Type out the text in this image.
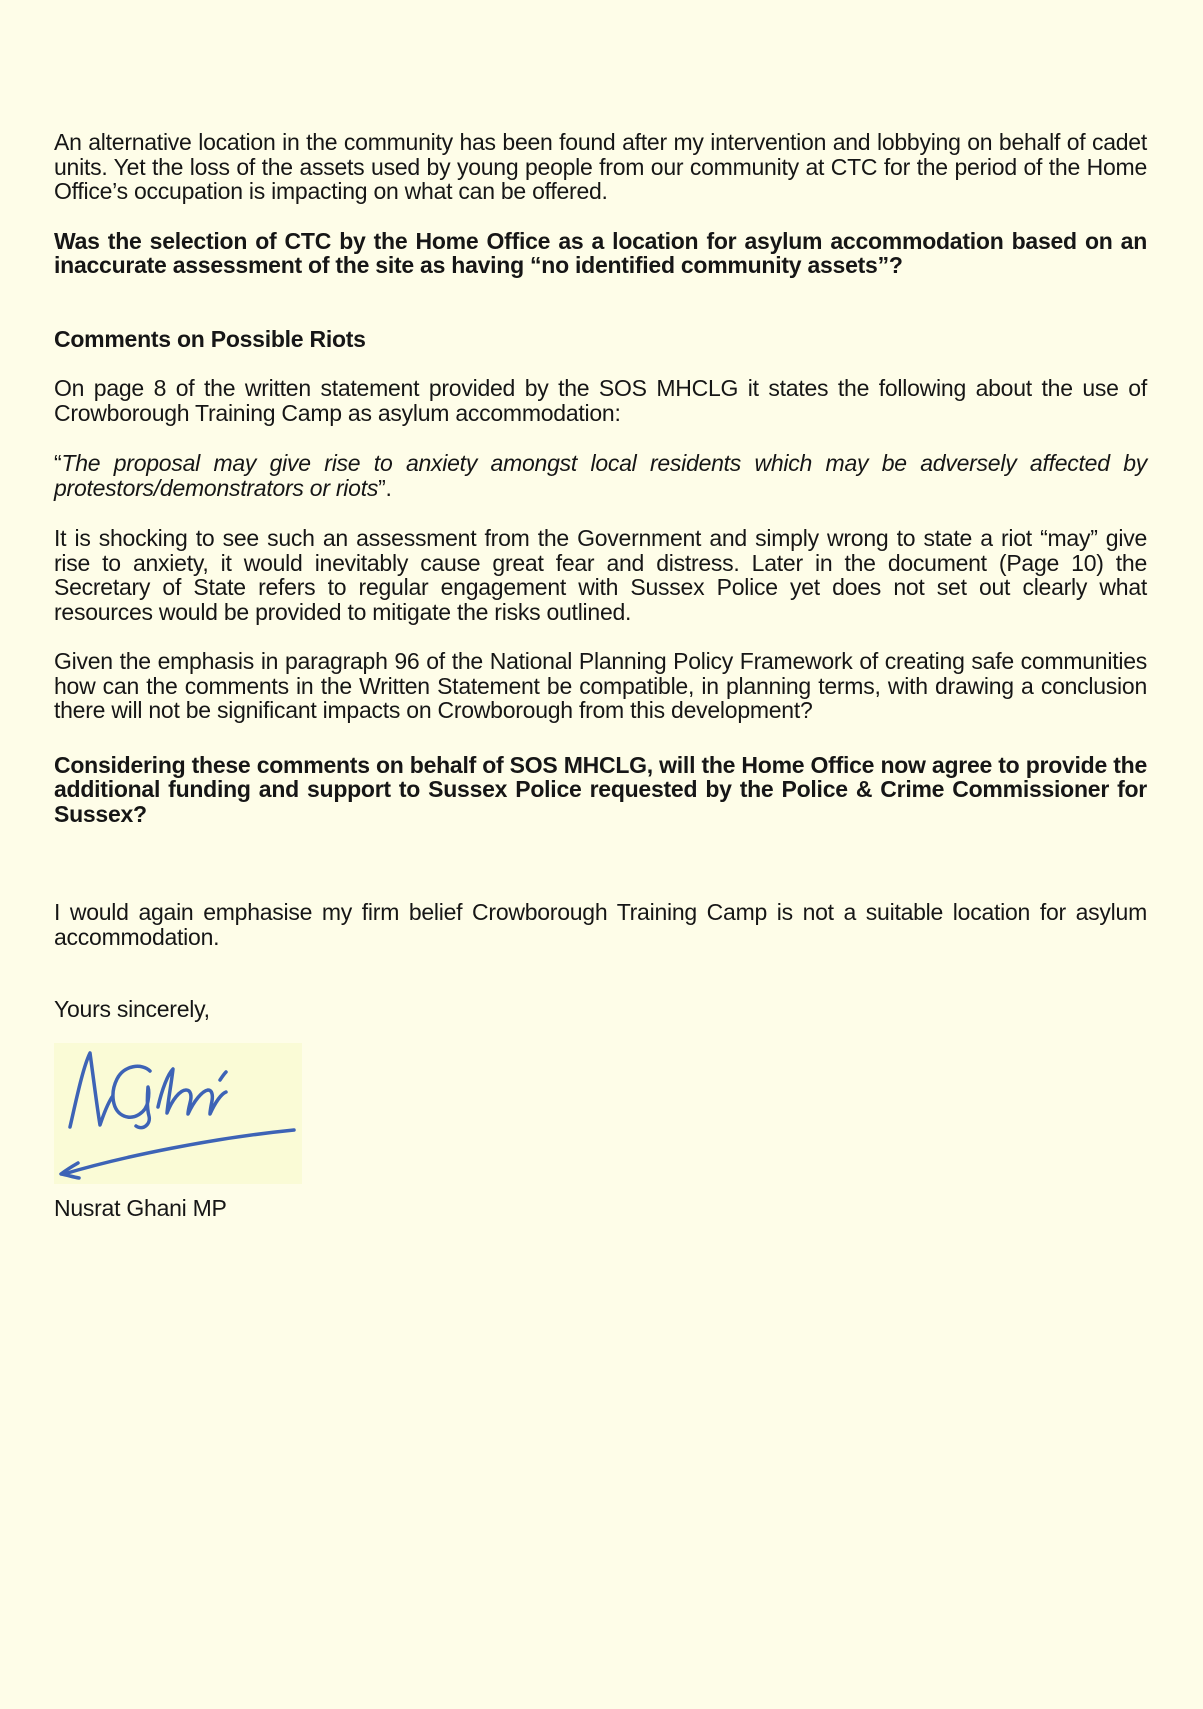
An alternative location in the community has been found after my intervention and lobbying on behalf of cadet units. Yet the loss of the assets used by young people from our community at CTC for the period of the Home Office’s occupation is impacting on what can be offered.

Was the selection of CTC by the Home Office as a location for asylum accommodation based on an inaccurate assessment of the site as having “no identified community assets”?

Comments on Possible Riots

On page 8 of the written statement provided by the SOS MHCLG it states the following about the use of Crowborough Training Camp as asylum accommodation:

“The proposal may give rise to anxiety amongst local residents which may be adversely affected by protestors/demonstrators or riots”.

It is shocking to see such an assessment from the Government and simply wrong to state a riot “may” give rise to anxiety, it would inevitably cause great fear and distress. Later in the document (Page 10) the Secretary of State refers to regular engagement with Sussex Police yet does not set out clearly what resources would be provided to mitigate the risks outlined.

Given the emphasis in paragraph 96 of the National Planning Policy Framework of creating safe communities how can the comments in the Written Statement be compatible, in planning terms, with drawing a conclusion there will not be significant impacts on Crowborough from this development?

Considering these comments on behalf of SOS MHCLG, will the Home Office now agree to provide the additional funding and support to Sussex Police requested by the Police & Crime Commissioner for Sussex?

I would again emphasise my firm belief Crowborough Training Camp is not a suitable location for asylum accommodation.

Yours sincerely,

Nusrat Ghani MP
